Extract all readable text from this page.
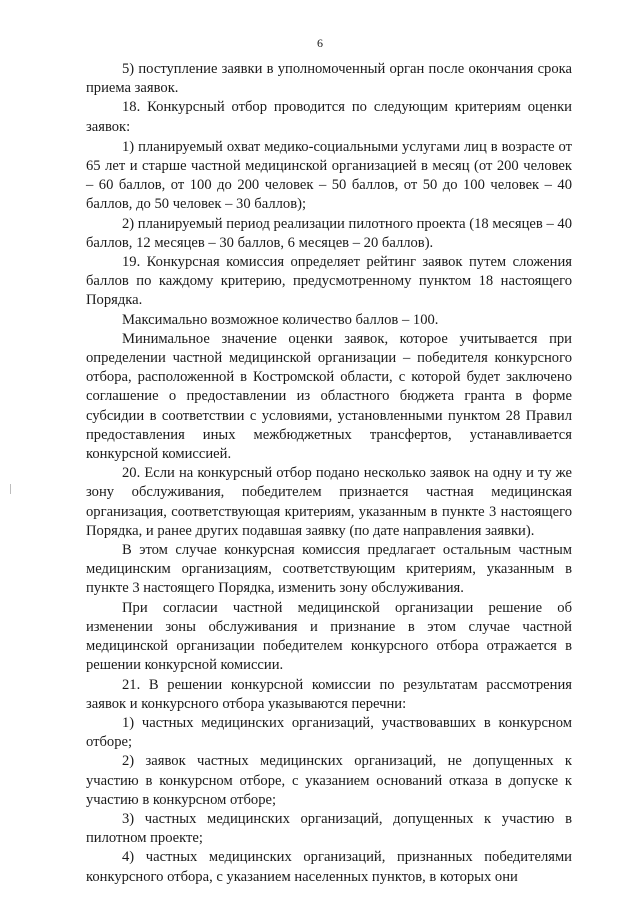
6

5) поступление заявки в уполномоченный орган после окончания срока приема заявок.

18. Конкурсный отбор проводится по следующим критериям оценки заявок:

1) планируемый охват медико-социальными услугами лиц в возрасте от 65 лет и старше частной медицинской организацией в месяц (от 200 человек – 60 баллов, от 100 до 200 человек – 50 баллов, от 50 до 100 человек – 40 баллов, до 50 человек – 30 баллов);

2) планируемый период реализации пилотного проекта (18 месяцев – 40 баллов, 12 месяцев – 30 баллов, 6 месяцев – 20 баллов).

19. Конкурсная комиссия определяет рейтинг заявок путем сложения баллов по каждому критерию, предусмотренному пунктом 18 настоящего Порядка.

Максимально возможное количество баллов – 100.

Минимальное значение оценки заявок, которое учитывается при определении частной медицинской организации – победителя конкурсного отбора, расположенной в Костромской области, с которой будет заключено соглашение о предоставлении из областного бюджета гранта в форме субсидии в соответствии с условиями, установленными пунктом 28 Правил предоставления иных межбюджетных трансфертов, устанавливается конкурсной комиссией.

20. Если на конкурсный отбор подано несколько заявок на одну и ту же зону обслуживания, победителем признается частная медицинская организация, соответствующая критериям, указанным в пункте 3 настоящего Порядка, и ранее других подавшая заявку (по дате направления заявки).

В этом случае конкурсная комиссия предлагает остальным частным медицинским организациям, соответствующим критериям, указанным в пункте 3 настоящего Порядка, изменить зону обслуживания.

При согласии частной медицинской организации решение об изменении зоны обслуживания и признание в этом случае частной медицинской организации победителем конкурсного отбора отражается в решении конкурсной комиссии.

21. В решении конкурсной комиссии по результатам рассмотрения заявок и конкурсного отбора указываются перечни:

1) частных медицинских организаций, участвовавших в конкурсном отборе;

2) заявок частных медицинских организаций, не допущенных к участию в конкурсном отборе, с указанием оснований отказа в допуске к участию в конкурсном отборе;

3) частных медицинских организаций, допущенных к участию в пилотном проекте;

4) частных медицинских организаций, признанных победителями конкурсного отбора, с указанием населенных пунктов, в которых они
